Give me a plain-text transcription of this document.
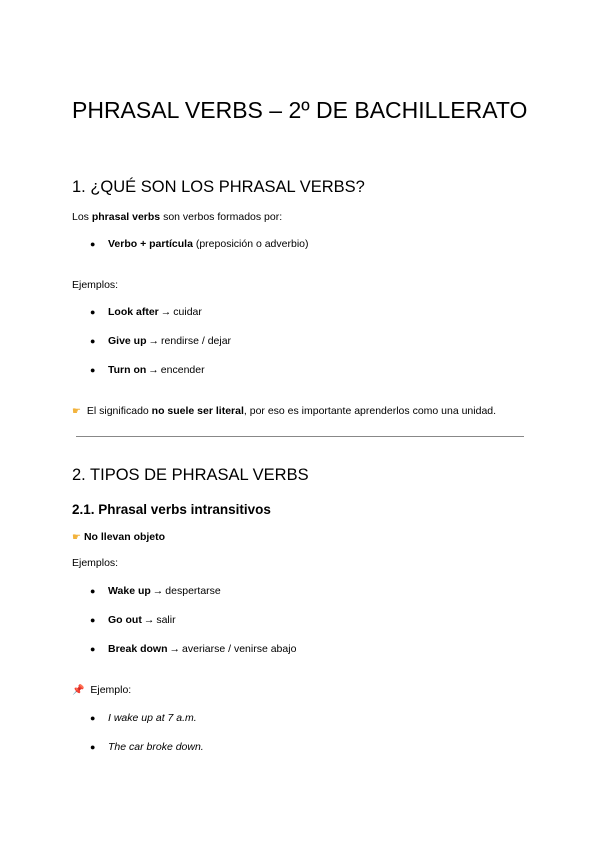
PHRASAL VERBS – 2º DE BACHILLERATO
1. ¿QUÉ SON LOS PHRASAL VERBS?

Los phrasal verbs son verbos formados por:

● Verbo + partícula (preposición o adverbio)

Ejemplos:

● Look after → cuidar
● Give up → rendirse / dejar
● Turn on → encender

☛ El significado no suele ser literal, por eso es importante aprenderlos como una unidad.

2. TIPOS DE PHRASAL VERBS
2.1. Phrasal verbs intransitivos

☛ No llevan objeto

Ejemplos:

● Wake up → despertarse
● Go out → salir
● Break down → averiarse / venirse abajo

📌 Ejemplo:

● I wake up at 7 a.m.
● The car broke down.
